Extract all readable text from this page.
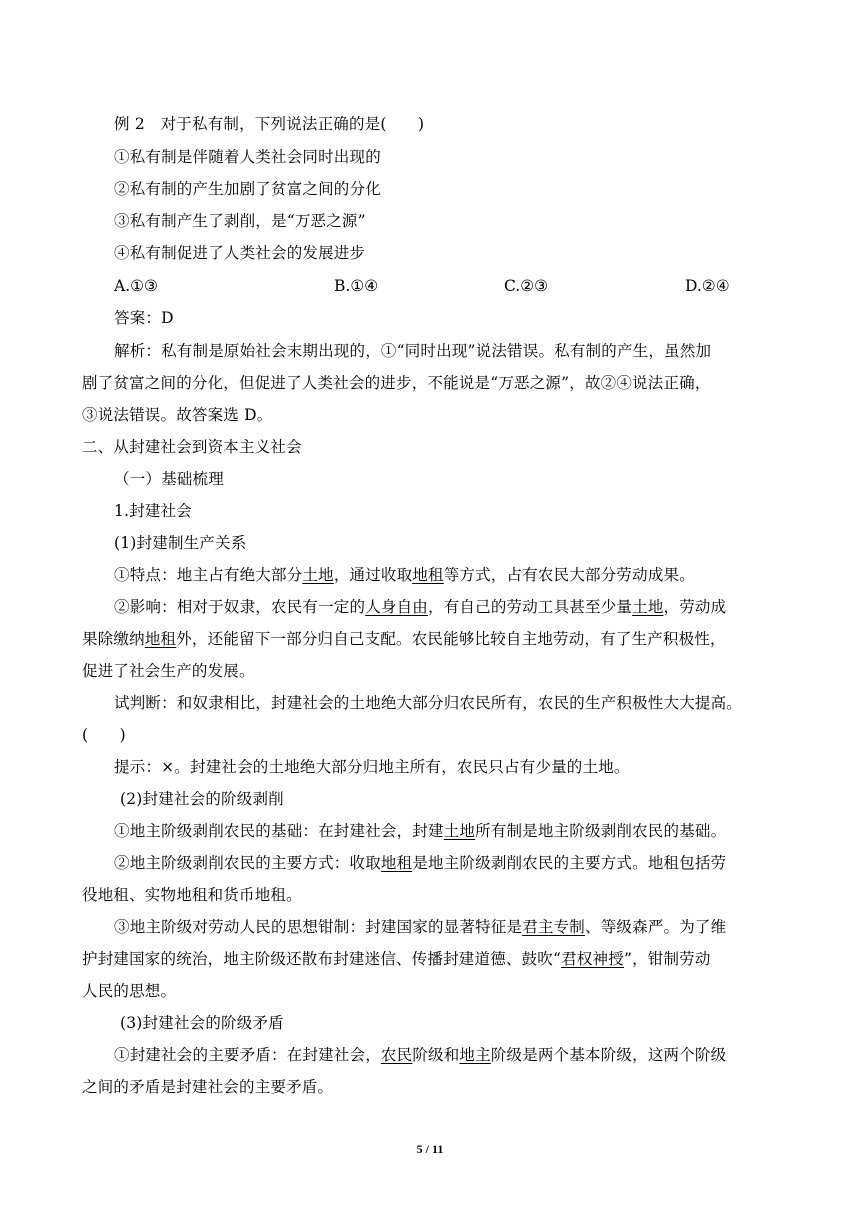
例 2　对于私有制，下列说法正确的是(　　)
①私有制是伴随着人类社会同时出现的
②私有制的产生加剧了贫富之间的分化
③私有制产生了剥削，是“万恶之源”
④私有制促进了人类社会的发展进步
A.①③	B.①④	C.②③	D.②④
答案：D
解析：私有制是原始社会末期出现的，①“同时出现”说法错误。私有制的产生，虽然加
剧了贫富之间的分化，但促进了人类社会的进步，不能说是“万恶之源”，故②④说法正确，
③说法错误。故答案选 D。
二、从封建社会到资本主义社会
（一）基础梳理
1.封建社会
(1)封建制生产关系
①特点：地主占有绝大部分土地，通过收取地租等方式，占有农民大部分劳动成果。
②影响：相对于奴隶，农民有一定的人身自由，有自己的劳动工具甚至少量土地，劳动成
果除缴纳地租外，还能留下一部分归自己支配。农民能够比较自主地劳动，有了生产积极性，
促进了社会生产的发展。
试判断：和奴隶相比，封建社会的土地绝大部分归农民所有，农民的生产积极性大大提高。
(　　)
提示：×。封建社会的土地绝大部分归地主所有，农民只占有少量的土地。
(2)封建社会的阶级剥削
①地主阶级剥削农民的基础：在封建社会，封建土地所有制是地主阶级剥削农民的基础。
②地主阶级剥削农民的主要方式：收取地租是地主阶级剥削农民的主要方式。地租包括劳
役地租、实物地租和货币地租。
③地主阶级对劳动人民的思想钳制：封建国家的显著特征是君主专制、等级森严。为了维
护封建国家的统治，地主阶级还散布封建迷信、传播封建道德、鼓吹“君权神授”，钳制劳动
人民的思想。
(3)封建社会的阶级矛盾
①封建社会的主要矛盾：在封建社会，农民阶级和地主阶级是两个基本阶级，这两个阶级
之间的矛盾是封建社会的主要矛盾。
5 / 11
